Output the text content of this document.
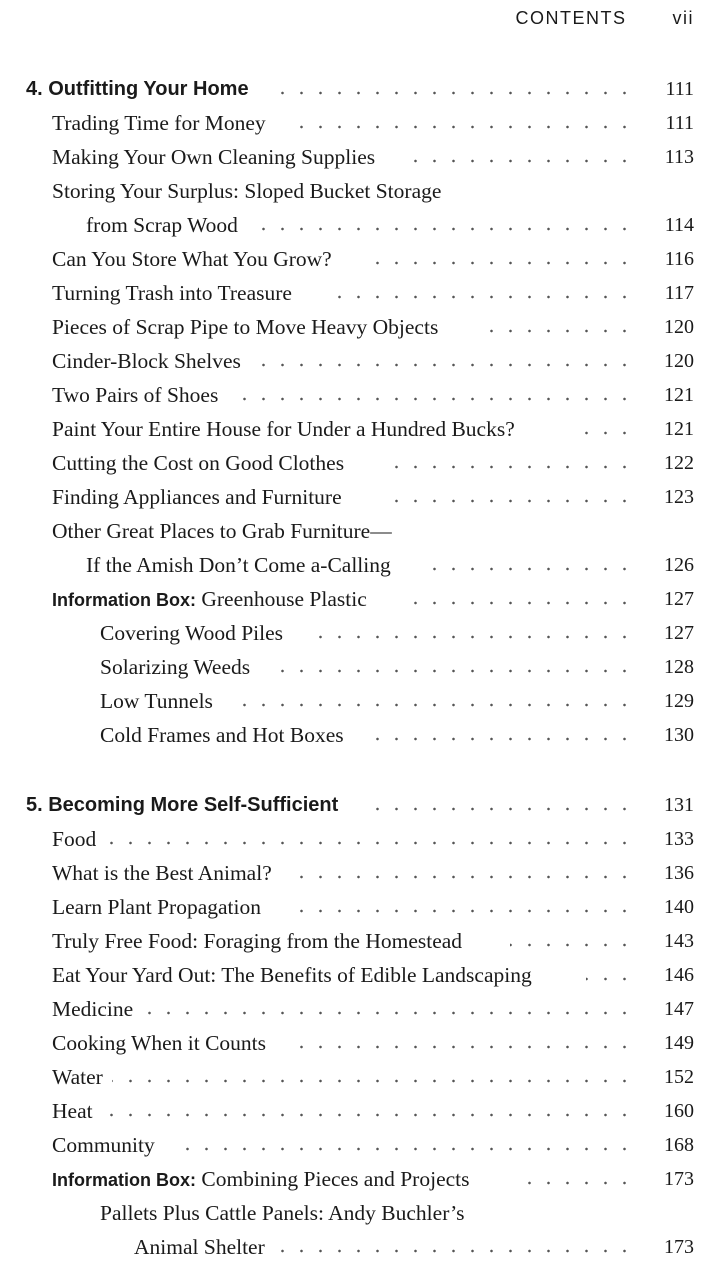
CONTENTS	vii
4. Outfitting Your Home	111
Trading Time for Money	111
Making Your Own Cleaning Supplies	113
Storing Your Surplus: Sloped Bucket Storage
from Scrap Wood	114
Can You Store What You Grow?	116
Turning Trash into Treasure	117
Pieces of Scrap Pipe to Move Heavy Objects	120
Cinder-Block Shelves	120
Two Pairs of Shoes	121
Paint Your Entire House for Under a Hundred Bucks?	121
Cutting the Cost on Good Clothes	122
Finding Appliances and Furniture	123
Other Great Places to Grab Furniture—
If the Amish Don’t Come a-Calling	126
Information Box: Greenhouse Plastic	127
Covering Wood Piles	127
Solarizing Weeds	128
Low Tunnels	129
Cold Frames and Hot Boxes	130
5. Becoming More Self-Sufficient	131
Food	133
What is the Best Animal?	136
Learn Plant Propagation	140
Truly Free Food: Foraging from the Homestead	143
Eat Your Yard Out: The Benefits of Edible Landscaping	146
Medicine	147
Cooking When it Counts	149
Water	152
Heat	160
Community	168
Information Box: Combining Pieces and Projects	173
Pallets Plus Cattle Panels: Andy Buchler’s
Animal Shelter	173
